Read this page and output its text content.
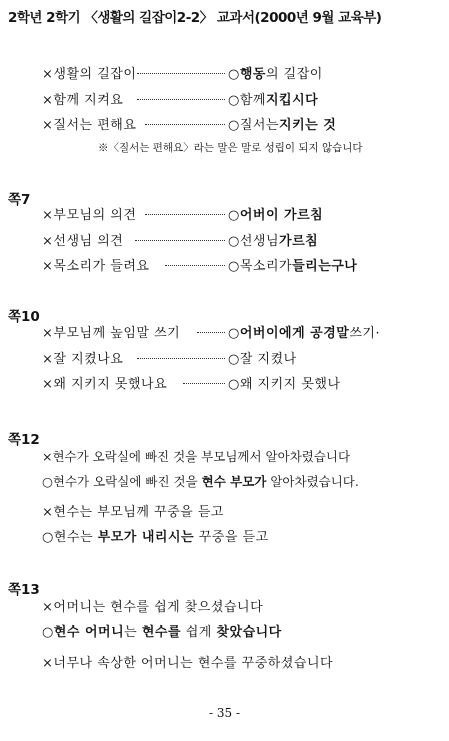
2학년 2학기 〈생활의 길잡이2-2〉 교과서(2000년 9월 교육부)
×생활의 길잡이	○ 행동 의 길잡이
×함께 지켜요	○함께 지킵시다
×질서는 편해요	○질서는 지키는 것
※〈질서는 편해요〉라는 말은 말로 성립이 되지 않습니다
쪽7
×부모님의 의견	○ 어버이 가르침
×선생님 의견	○선생님 가르침
×목소리가 들려요	○목소리가 들리는구나
쪽10
×부모님께 높임말 쓰기	○ 어버이에게 공경말 쓰기·
×잘 지켰나요	○잘 지켰나
×왜 지키지 못했나요	○왜 지키지 못했나
쪽12
×현수가 오락실에 빠진 것을 부모님께서 알아차렸습니다
○현수가 오락실에 빠진 것을 현수 부모가 알아차렸습니다.
×현수는 부모님께 꾸중을 듣고
○현수는 부모가 내리시는 꾸중을 듣고
쪽13
×어머니는 현수를 쉽게 찾으셨습니다
○현수 어머니는 현수를 쉽게 찾았습니다
×너무나 속상한 어머니는 현수를 꾸중하셨습니다
- 35 -
